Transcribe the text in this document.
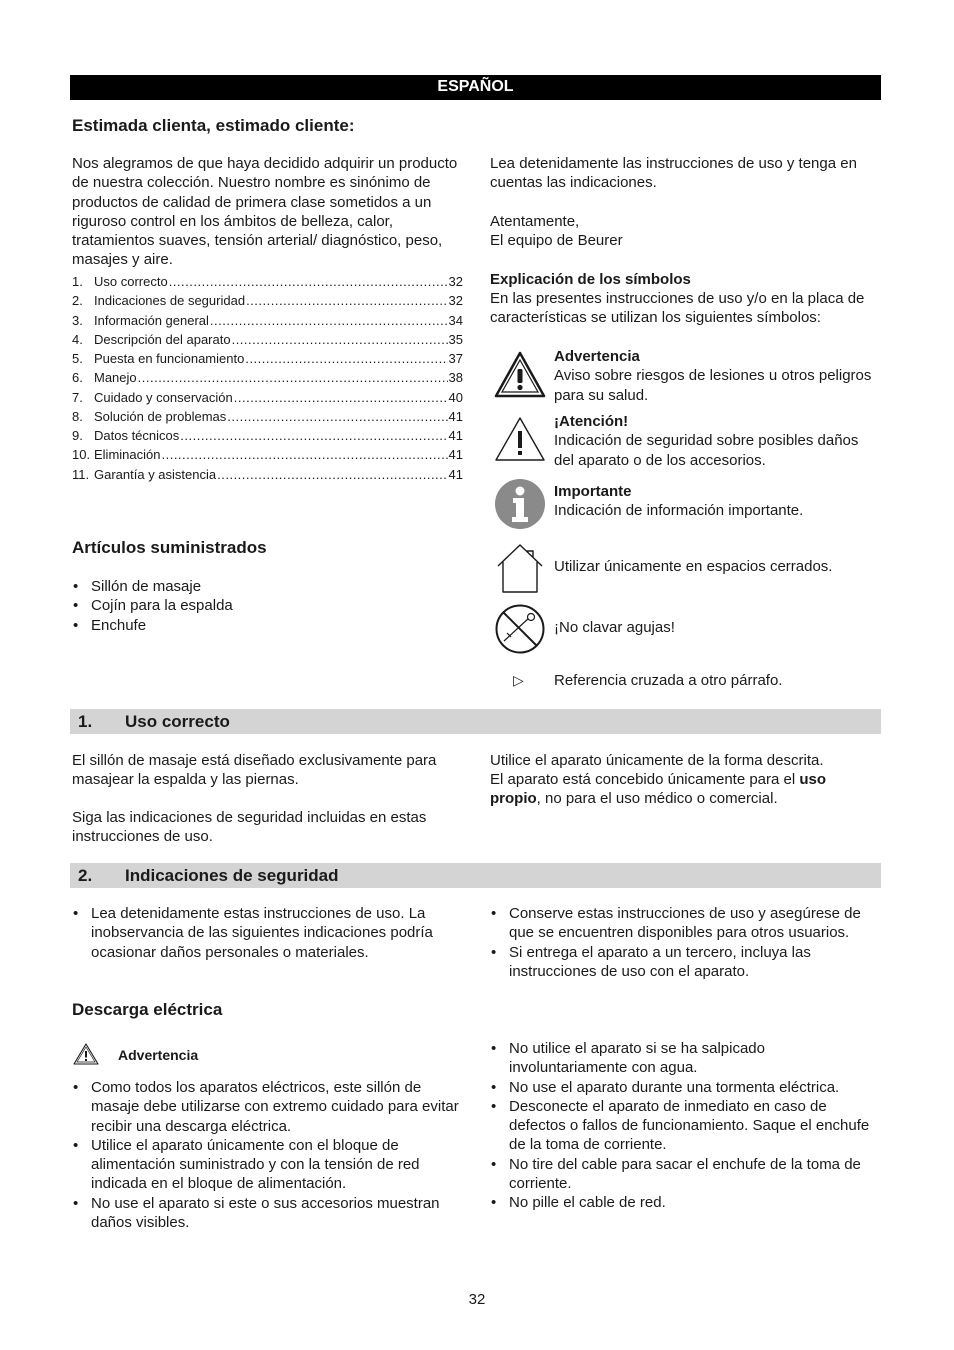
ESPAÑOL
Estimada clienta, estimado cliente:

Nos alegramos de que haya decidido adquirir un producto de nuestra colección. Nuestro nombre es sinónimo de productos de calidad de primera clase sometidos a un riguroso control en los ámbitos de belleza, calor, tratamientos suaves, tensión arterial/ diagnóstico, peso, masajes y aire.

1. Uso correcto .....	32
2. Indicaciones de seguridad .....	32
3. Información general .....	34
4. Descripción del aparato .....	35
5. Puesta en funcionamiento .....	37
6. Manejo .....	38
7. Cuidado y conservación .....	40
8. Solución de problemas .....	41
9. Datos técnicos .....	41
10. Eliminación .....	41
11. Garantía y asistencia .....	41

Lea detenidamente las instrucciones de uso y tenga en cuentas las indicaciones.

Atentamente,

El equipo de Beurer

Explicación de los símbolos

En las presentes instrucciones de uso y/o en la placa de características se utilizan los siguientes símbolos:

Advertencia
Aviso sobre riesgos de lesiones u otros peligros para su salud.
¡Atención!
Indicación de seguridad sobre posibles daños del aparato o de los accesorios.
Importante
Indicación de información importante.

Utilizar únicamente en espacios cerrados.

¡No clavar agujas!

▷ Referencia cruzada a otro párrafo.

Artículos suministrados
• Sillón de masaje
• Cojín para la espalda
• Enchufe
1. Uso correcto

El sillón de masaje está diseñado exclusivamente para masajear la espalda y las piernas.

Siga las indicaciones de seguridad incluidas en estas instrucciones de uso.

Utilice el aparato únicamente de la forma descrita.

El aparato está concebido únicamente para el uso propio, no para el uso médico o comercial.

2. Indicaciones de seguridad
• Lea detenidamente estas instrucciones de uso. La inobservancia de las siguientes indicaciones podría ocasionar daños personales o materiales.
• Conserve estas instrucciones de uso y asegúrese de que se encuentren disponibles para otros usuarios.
• Si entrega el aparato a un tercero, incluya las instrucciones de uso con el aparato.
Descarga eléctrica
Advertencia
• Como todos los aparatos eléctricos, este sillón de masaje debe utilizarse con extremo cuidado para evitar recibir una descarga eléctrica.
• Utilice el aparato únicamente con el bloque de alimentación suministrado y con la tensión de red indicada en el bloque de alimentación.
• No use el aparato si este o sus accesorios muestran daños visibles.
• No utilice el aparato si se ha salpicado involuntariamente con agua.
• No use el aparato durante una tormenta eléctrica.
• Desconecte el aparato de inmediato en caso de defectos o fallos de funcionamiento. Saque el enchufe de la toma de corriente.
• No tire del cable para sacar el enchufe de la toma de corriente.
• No pille el cable de red.
32
